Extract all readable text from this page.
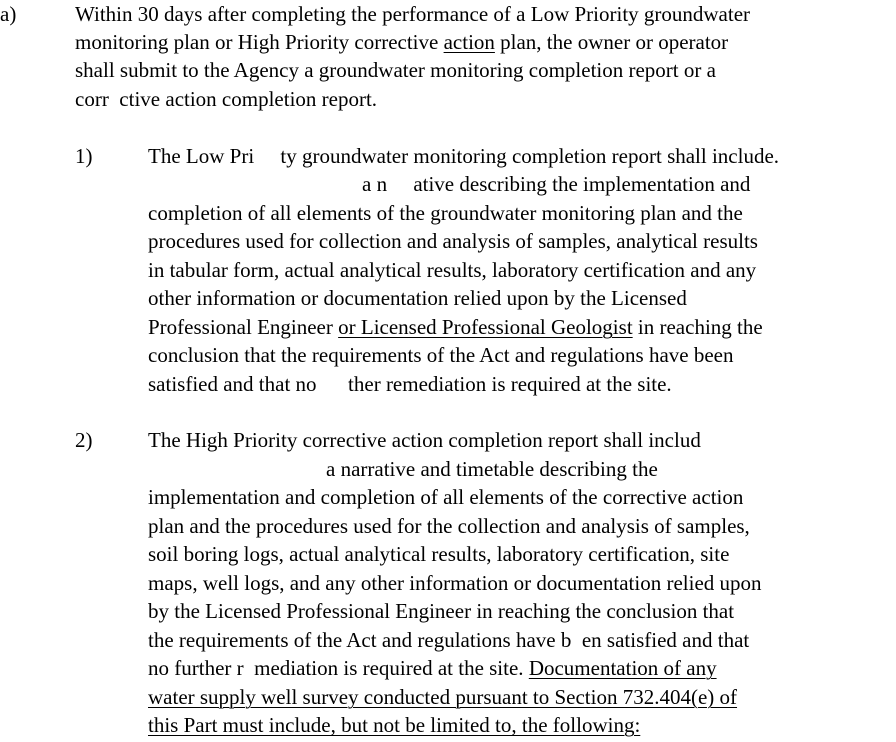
a)	Within 30 days after completing the performance of a Low Priority groundwater
monitoring plan or High Priority corrective action plan, the owner or operator
shall submit to the Agency a groundwater monitoring completion report or a
corr  ctive action completion report.
1)	The Low Pri     ty groundwater monitoring completion report shall include.
a n     ative describing the implementation and
completion of all elements of the groundwater monitoring plan and the
procedures used for collection and analysis of samples, analytical results
in tabular form, actual analytical results, laboratory certification and any
other information or documentation relied upon by the Licensed
Professional Engineer or Licensed Professional Geologist in reaching the
conclusion that the requirements of the Act and regulations have been
satisfied and that no      ther remediation is required at the site.
2)	The High Priority corrective action completion report shall includ
a narrative and timetable describing the
implementation and completion of all elements of the corrective action
plan and the procedures used for the collection and analysis of samples,
soil boring logs, actual analytical results, laboratory certification, site
maps, well logs, and any other information or documentation relied upon
by the Licensed Professional Engineer in reaching the conclusion that
the requirements of the Act and regulations have b  en satisfied and that
no further r  mediation is required at the site. Documentation of any
water supply well survey conducted pursuant to Section 732.404(e) of
this Part must include, but not be limited to, the following:
